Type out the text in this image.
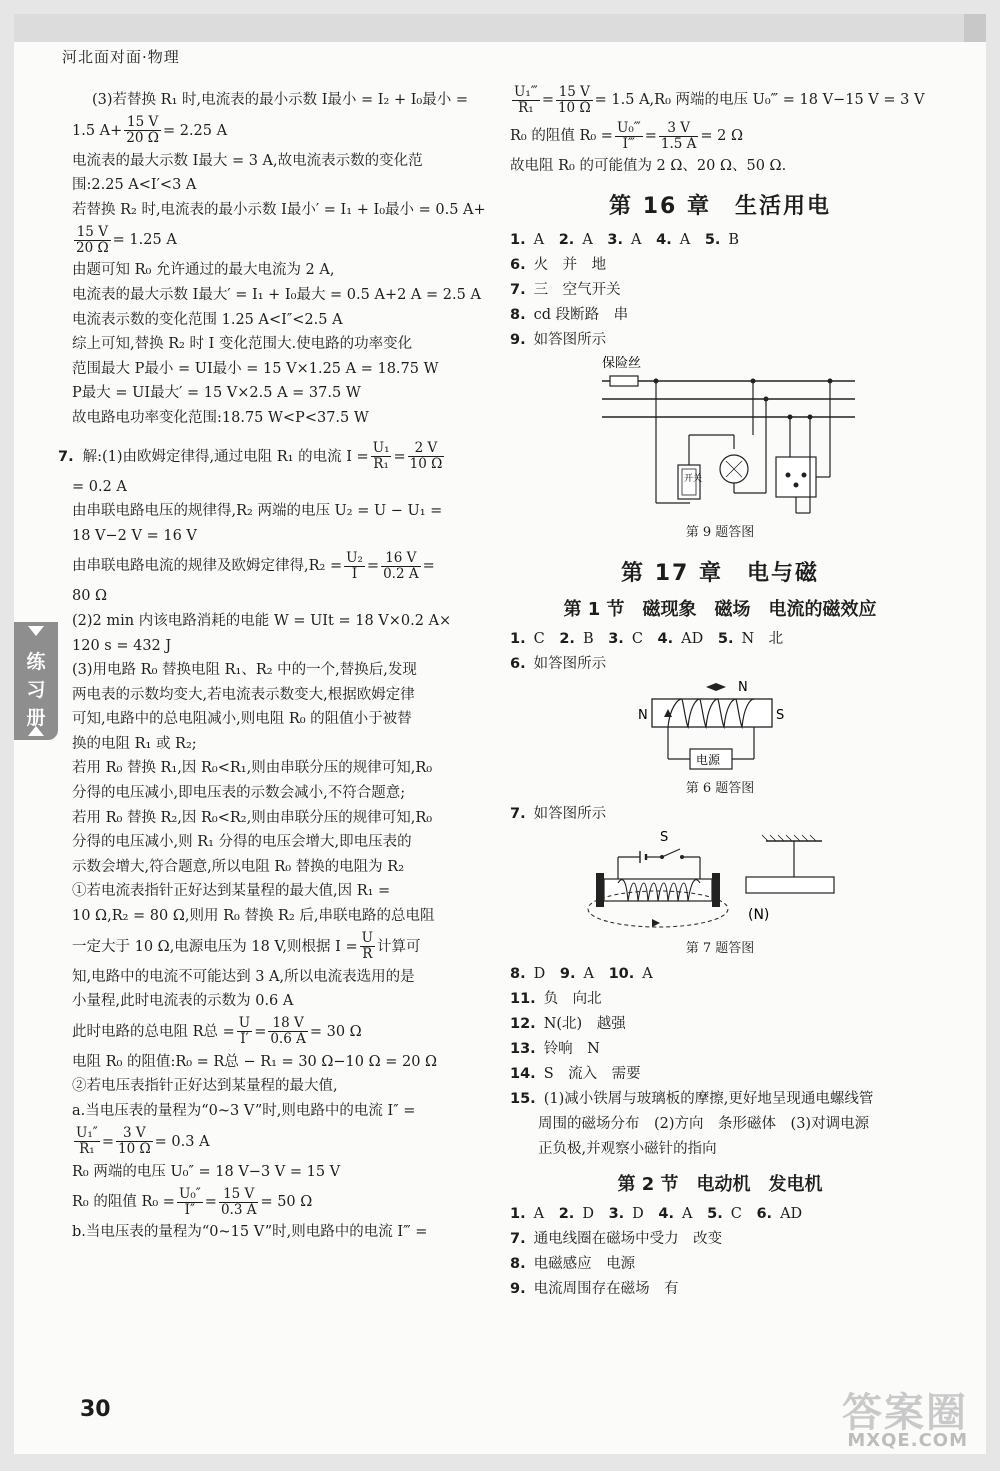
河北面对面·物理
练习册
(3)若替换 R₁ 时,电流表的最小示数 I最小 = I₂ + I₀最小 =
1.5 $A+ \frac{15 V}{20 \Omega} = 2.25$ A
电流表的最大示数 I最大 = 3 A,故电流表示数的变化范
围:2.25 A<I′<3 A
若替换 R₂ 时,电流表的最小示数 I最小′ = I₁ + I₀最小 = 0.5 A+
$\frac{15 V}{20 \Omega} = 1.25$ A
由题可知 R₀ 允许通过的最大电流为 2 A,
电流表的最大示数 I最大′ = I₁ + I₀最大 = 0.5 A+2 A = 2.5 A
电流表示数的变化范围 1.25 A<I″<2.5 A
综上可知,替换 R₂ 时 I 变化范围大.使电路的功率变化
范围最大 P最小 = UI最小 = 15 V×1.25 A = 18.75 W
P最大 = UI最大′ = 15 V×2.5 A = 37.5 W
故电路电功率变化范围:18.75 W<P<37.5 W
7. 解:(1)由欧姆定律得,通过电阻 R₁ 的电流 $I = \frac{\text{U₁}}{\text{R₁}} = \frac{2 V}{10 \Omega}$
= 0.2 A
由串联电路电压的规律得,R₂ 两端的电压 U₂ = U − U₁ =
18 V−2 V = 16 V
由串联电路电流的规律及欧姆定律得$,R_2 = \frac{\text{U₂}}{I} = \frac{16 V}{0.2 A}$ =
80 Ω
(2)2 min 内该电路消耗的电能 W = UIt = 18 V×0.2 A×
120 s = 432 J
(3)用电路 R₀ 替换电阻 R₁、R₂ 中的一个,替换后,发现
两电表的示数均变大,若电流表示数变大,根据欧姆定律
可知,电路中的总电阻减小,则电阻 R₀ 的阻值小于被替
换的电阻 R₁ 或 R₂;
若用 R₀ 替换 R₁,因 R₀<R₁,则由串联分压的规律可知,R₀
分得的电压减小,即电压表的示数会减小,不符合题意;
若用 R₀ 替换 R₂,因 R₀<R₂,则由串联分压的规律可知,R₀
分得的电压减小,则 R₁ 分得的电压会增大,即电压表的
示数会增大,符合题意,所以电阻 R₀ 替换的电阻为 R₂
①若电流表指针正好达到某量程的最大值,因 R₁ =
10 Ω,R₂ = 80 Ω,则用 R₀ 替换 R₂ 后,串联电路的总电阻
一定大于 10 Ω,电源电压为 18 V,则根据 $I = \frac{U}{R}$ 计算可
知,电路中的电流不可能达到 3 A,所以电流表选用的是
小量程,此时电流表的示数为 0.6 A
此时电路的总电阻 R总 = $\frac{U}{I'} = \frac{18 V}{0.6 A} = 30$ Ω
电阻 R₀ 的阻值:R₀ = R总 − R₁ = 30 Ω−10 Ω = 20 Ω
②若电压表指针正好达到某量程的最大值,
a.当电压表的量程为“0~3 V”时,则电路中的电流 I″ =
$\frac{\text{U₁″}}{\text{R₁}} = \frac{3 V}{10 \Omega} = 0.3$ A
R₀ 两端的电压 U₀″ = 18 V−3 V = 15 V
R₀ 的阻值 $R_0 = \frac{\text{U₀″}}{I''} = \frac{15 V}{0.3 A} = 50$ Ω
b.当电压表的量程为“0~15 V”时,则电路中的电流 I‴ =
$\frac{\text{U₁‴}}{\text{R₁}} = \frac{15 V}{10 \Omega} = 1.5$ A,R₀ 两端的电压 U₀‴ = 18 V−15 V = 3 V
R₀ 的阻值 $R_0 = \frac{\text{U₀‴}}{I‴} = \frac{3 V}{1.5 A} = 2$ Ω
故电阻 R₀ 的可能值为 2 Ω、20 Ω、50 Ω.
第 16 章　生活用电
1. A 2. A 3. A 4. A 5. B
6. 火　并　地
7. 三　空气开关
8. cd 段断路　串
9. 如答图所示
保险丝
开关
第 9 题答图
第 17 章　电与磁
第 1 节　磁现象　磁场　电流的磁效应
1. C 2. B 3. C 4. AD 5. N　北
6. 如答图所示
N
N	S
电源
第 6 题答图
7. 如答图所示
S
(N)
第 7 题答图
8. D 9. A 10. A
11. 负　向北
12. N(北)　越强
13. 铃响　N
14. S　流入　需要
15. (1)减小铁屑与玻璃板的摩擦,更好地呈现通电螺线管
周围的磁场分布　(2)方向　条形磁体　(3)对调电源
正负极,并观察小磁针的指向
第 2 节　电动机　发电机
1. A 2. D 3. D 4. A 5. C 6. AD
7. 通电线圈在磁场中受力　改变
8. 电磁感应　电源
9. 电流周围存在磁场　有
30	答案圈
MXQE.COM
